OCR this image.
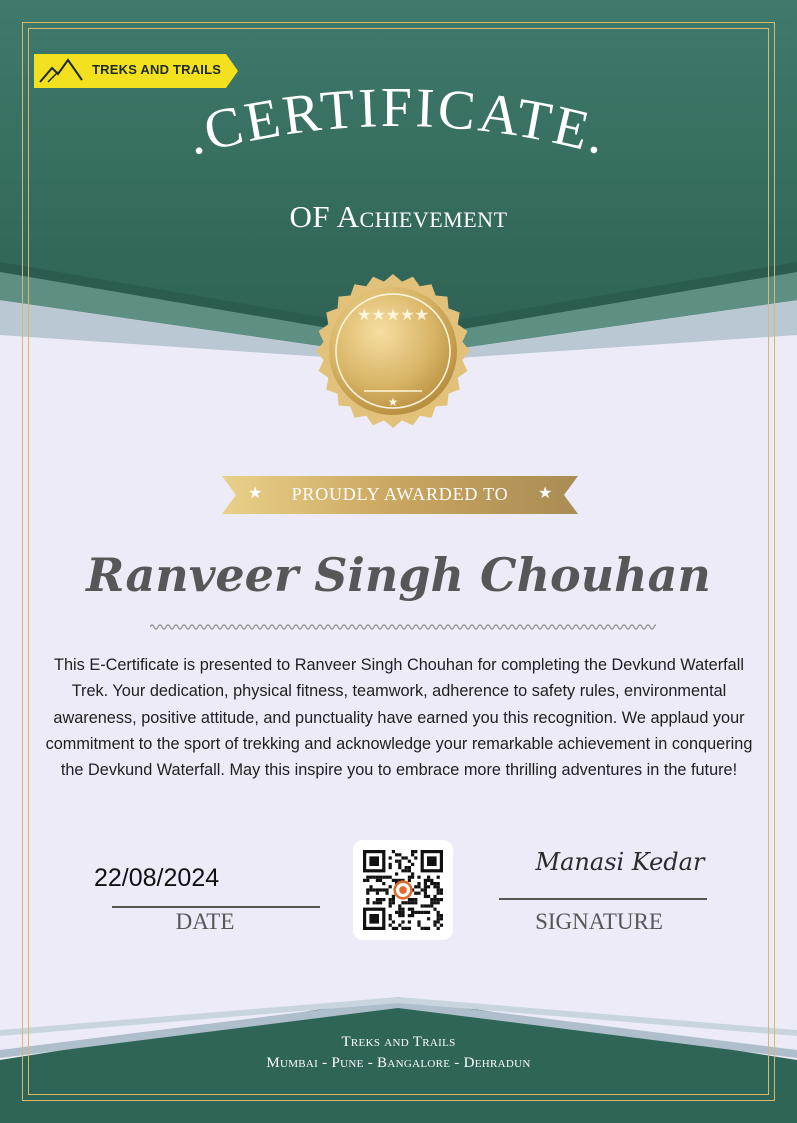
TREKS AND TRAILS
.CERTIFICATE.
OF Achievement
★★★★★
★
★	★
PROUDLY AWARDED TO
Ranveer Singh Chouhan
This E-Certificate is presented to Ranveer Singh Chouhan for completing the Devkund Waterfall Trek. Your dedication, physical fitness, teamwork, adherence to safety rules, environmental awareness, positive attitude, and punctuality have earned you this recognition. We applaud your commitment to the sport of trekking and acknowledge your remarkable achievement in conquering the Devkund Waterfall. May this inspire you to embrace more thrilling adventures in the future!
22/08/2024
DATE
Manasi Kedar
SIGNATURE
Treks and Trails
Mumbai - Pune - Bangalore - Dehradun
